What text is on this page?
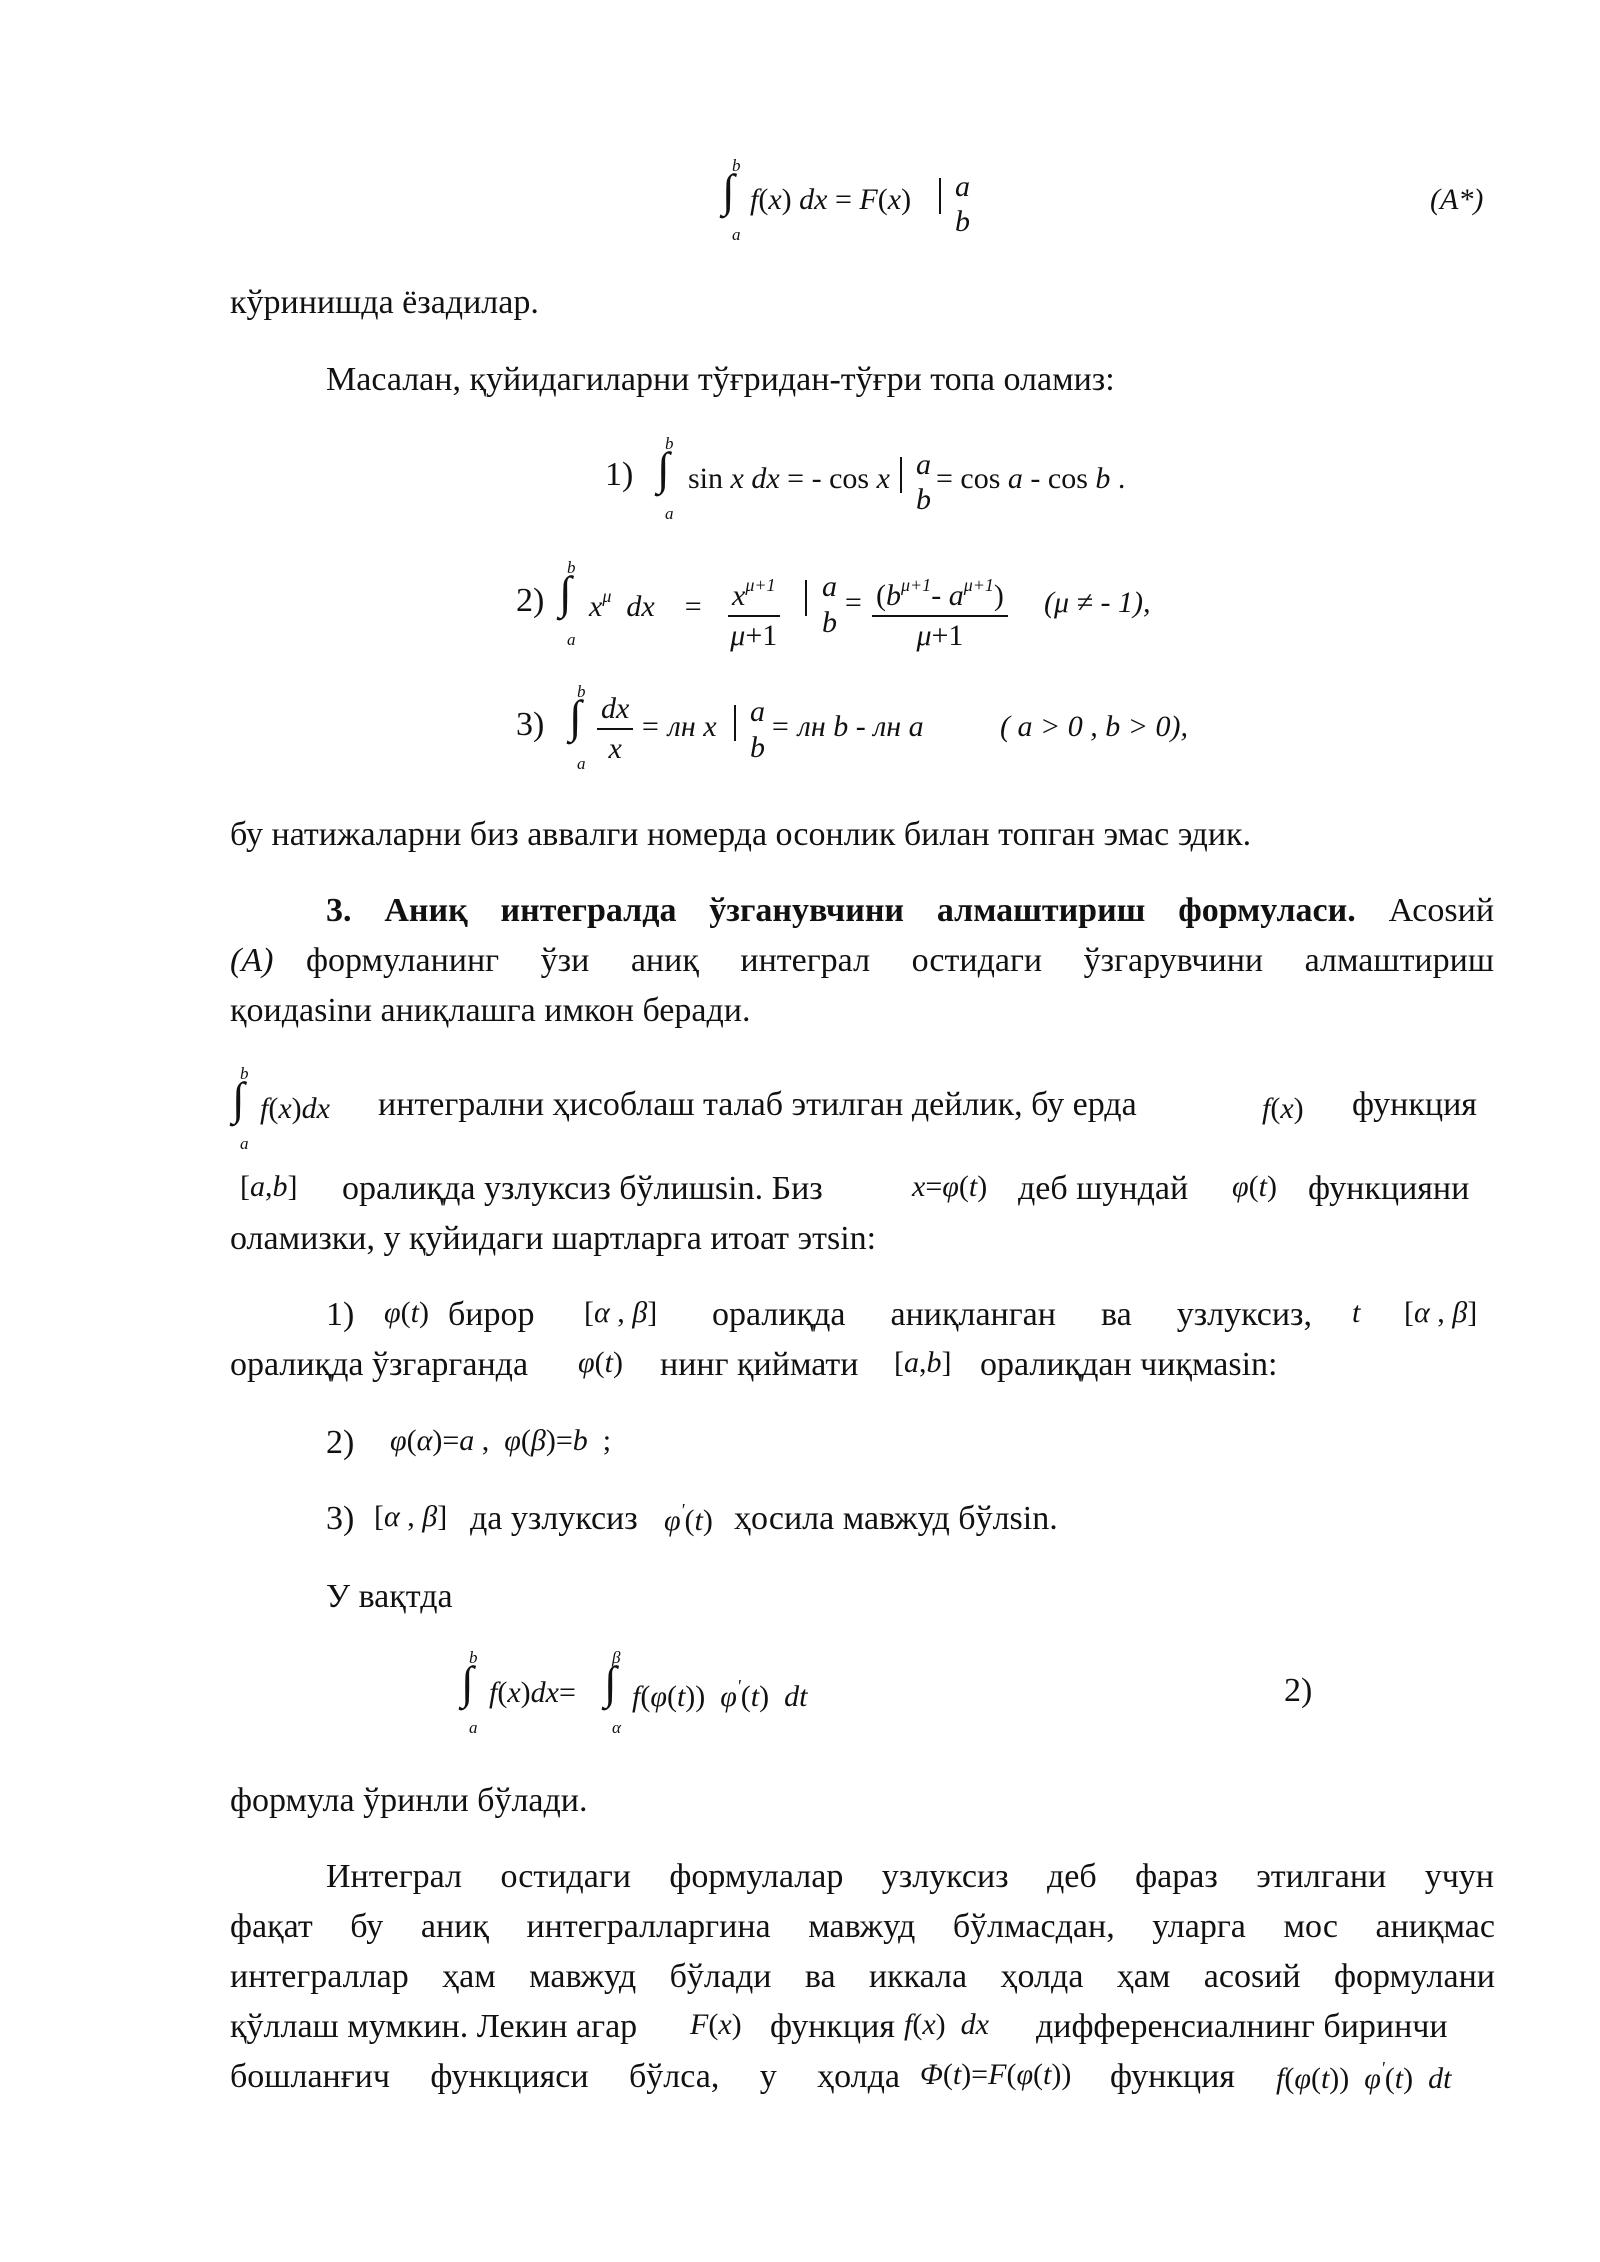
b
∫
a
f(x) dx = F(x) a
b
(A*)
кўринишда ёзадилар.
Масалан, қуйидагиларни тўғридан-тўғри топа оламиз:
1)
b
∫
a
sin x dx = - cos x a
b
= cos a - cos b .
2)
b
∫
a
$x^\mu$  dx    = $\frac{x^{\mu+1}}{\mu+1}$ a
b
= $\frac{(b^{\mu+1}- a^{\mu+1})}{\mu+1} (\mu$ ≠ - 1),
3)
b
∫
a $\frac{dx}{x}$ = лн x a
b
= лн b - лн a	( a > 0 , b > 0),
бу натижаларни биз аввалги номерда осонлик билан топган эмас эдик.
3. Аниқ интегралда ўзганувчини алмаштириш формуласи. Асоsий
(A) формуланинг ўзи аниқ интеграл остидаги ўзгарувчини алмаштириш
қоидаsinи аниқлашга имкон беради.
b
∫
a
f(x)dx интегрални ҳисоблаш талаб этилган дейлик, бу ерда	f(x) функция
[a,b] оралиқда узлуксиз бўлишsin. Биз	x=φ(t) деб шундай φ(t) функцияни
оламизки, у қуйидаги шартларга итоат этsin:
1) φ(t) бирор [α , β] оралиқда аниқланган ва узлуксиз, t [α , β]
оралиқда ўзгарганда φ(t) нинг қиймати [a,b] оралиқдан чиқмаsin:
2) φ(α)=a ,  φ(β)=b  ;
3) [α , β] да узлуксиз φ'(t) ҳосила мавжуд бўлsin.
У вақтда
b
∫
a
f(x)dx=
β
∫
α
f(φ(t))  φ'(t)  dt	2)
формула ўринли бўлади.
Интеграл остидаги формулалар узлуксиз деб фараз этилгани учун
фақат бу аниқ интегралларгина мавжуд бўлмасдан, уларга мос аниқмас
интеграллар ҳам мавжуд бўлади ва иккала ҳолда ҳам асоsий формулани
қўллаш мумкин. Лекин агар F(x) функция f(x)  dx дифференсиалнинг биринчи
бошланғич функцияси бўлса, у ҳолда Φ(t)=F(φ(t)) функция f(φ(t))  φ'(t)  dt
